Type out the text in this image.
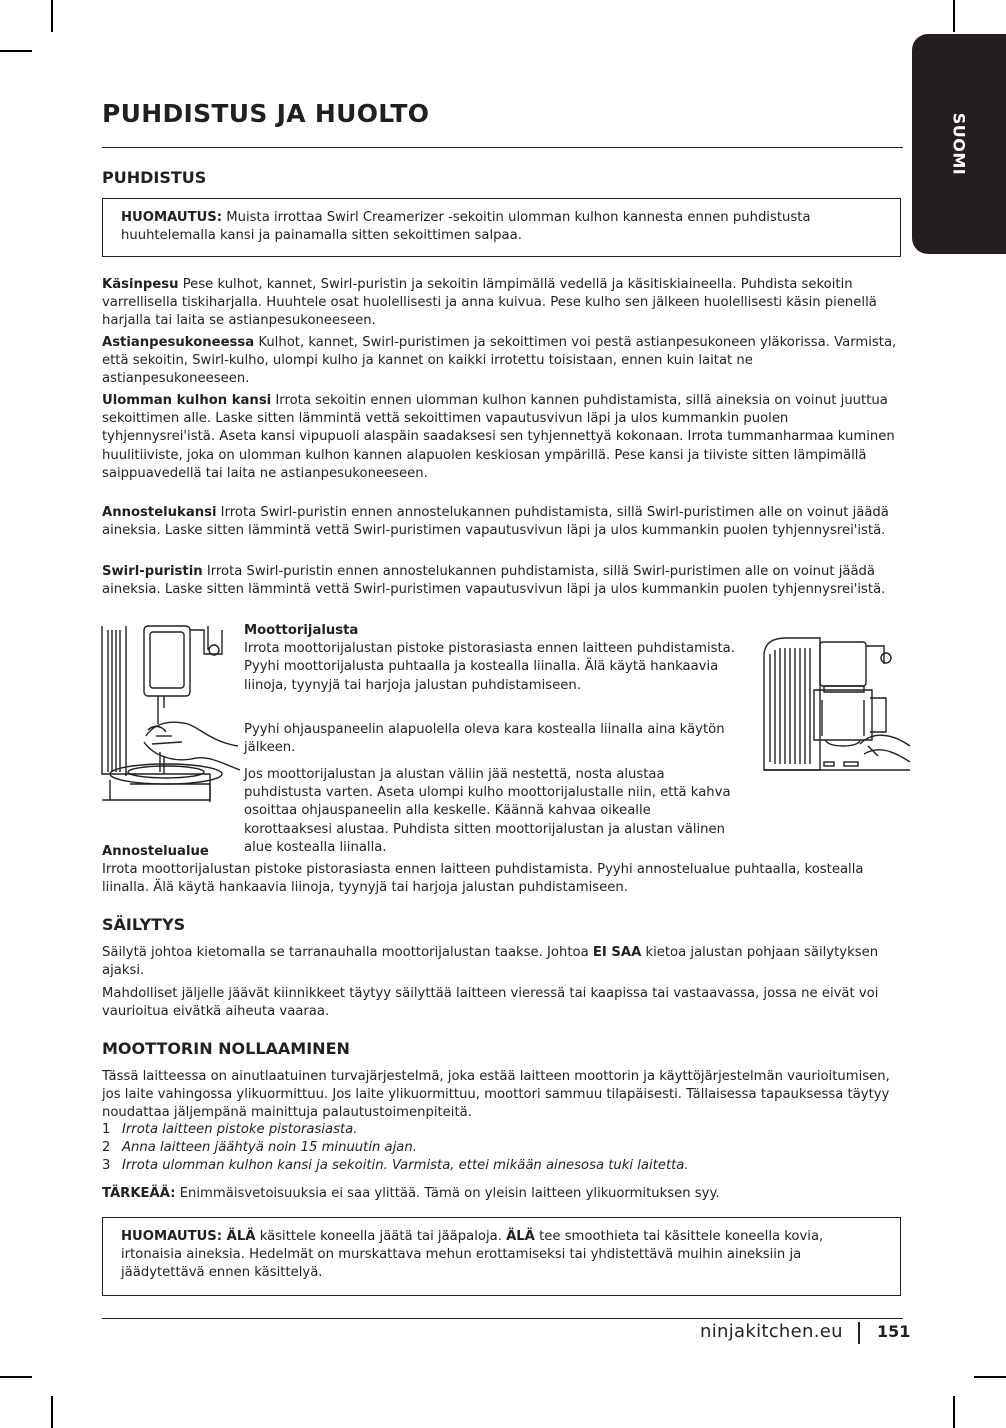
SUOMI
PUHDISTUS JA HUOLTO
PUHDISTUS
HUOMAUTUS: Muista irrottaa Swirl Creamerizer -sekoitin ulomman kulhon kannesta ennen puhdistusta huuhtelemalla kansi ja painamalla sitten sekoittimen salpaa.

Käsinpesu Pese kulhot, kannet, Swirl-puristin ja sekoitin lämpimällä vedellä ja käsitiskiaineella. Puhdista sekoitin varrellisella tiskiharjalla. Huuhtele osat huolellisesti ja anna kuivua. Pese kulho sen jälkeen huolellisesti käsin pienellä harjalla tai laita se astianpesukoneeseen.

Astianpesukoneessa Kulhot, kannet, Swirl-puristimen ja sekoittimen voi pestä astianpesukoneen yläkorissa. Varmista, että sekoitin, Swirl-kulho, ulompi kulho ja kannet on kaikki irrotettu toisistaan, ennen kuin laitat ne astianpesukoneeseen.

Ulomman kulhon kansi Irrota sekoitin ennen ulomman kulhon kannen puhdistamista, sillä aineksia on voinut juuttua sekoittimen alle. Laske sitten lämmintä vettä sekoittimen vapautusvivun läpi ja ulos kummankin puolen tyhjennysrei'istä. Aseta kansi vipupuoli alaspäin saadaksesi sen tyhjennettyä kokonaan. Irrota tummanharmaa kuminen huulitiiviste, joka on ulomman kulhon kannen alapuolen keskiosan ympärillä. Pese kansi ja tiiviste sitten lämpimällä saippuavedellä tai laita ne astianpesukoneeseen.

Annostelukansi Irrota Swirl-puristin ennen annostelukannen puhdistamista, sillä Swirl-puristimen alle on voinut jäädä aineksia. Laske sitten lämmintä vettä Swirl-puristimen vapautusvivun läpi ja ulos kummankin puolen tyhjennysrei'istä.

Swirl-puristin Irrota Swirl-puristin ennen annostelukannen puhdistamista, sillä Swirl-puristimen alle on voinut jäädä aineksia. Laske sitten lämmintä vettä Swirl-puristimen vapautusvivun läpi ja ulos kummankin puolen tyhjennysrei'istä.

Moottorijalusta
Irrota moottorijalustan pistoke pistorasiasta ennen laitteen puhdistamista. Pyyhi moottorijalusta puhtaalla ja kostealla liinalla. Älä käytä hankaavia liinoja, tyynyjä tai harjoja jalustan puhdistamiseen.

Pyyhi ohjauspaneelin alapuolella oleva kara kostealla liinalla aina käytön jälkeen.

Jos moottorijalustan ja alustan väliin jää nestettä, nosta alustaa puhdistusta varten. Aseta ulompi kulho moottorijalustalle niin, että kahva osoittaa ohjauspaneelin alla keskelle. Käännä kahvaa oikealle korottaaksesi alustaa. Puhdista sitten moottorijalustan ja alustan välinen alue kostealla liinalla.

Annostelualue
Irrota moottorijalustan pistoke pistorasiasta ennen laitteen puhdistamista. Pyyhi annostelualue puhtaalla, kostealla liinalla. Älä käytä hankaavia liinoja, tyynyjä tai harjoja jalustan puhdistamiseen.
SÄILYTYS

Säilytä johtoa kietomalla se tarranauhalla moottorijalustan taakse. Johtoa EI SAA kietoa jalustan pohjaan säilytyksen ajaksi.

Mahdolliset jäljelle jäävät kiinnikkeet täytyy säilyttää laitteen vieressä tai kaapissa tai vastaavassa, jossa ne eivät voi vaurioitua eivätkä aiheuta vaaraa.

MOOTTORIN NOLLAAMINEN

Tässä laitteessa on ainutlaatuinen turvajärjestelmä, joka estää laitteen moottorin ja käyttöjärjestelmän vaurioitumisen, jos laite vahingossa ylikuormittuu. Jos laite ylikuormittuu, moottori sammuu tilapäisesti. Tällaisessa tapauksessa täytyy noudattaa jäljempänä mainittuja palautustoimenpiteitä.

1 Irrota laitteen pistoke pistorasiasta.
2 Anna laitteen jäähtyä noin 15 minuutin ajan.
3 Irrota ulomman kulhon kansi ja sekoitin. Varmista, ettei mikään ainesosa tuki laitetta.

TÄRKEÄÄ: Enimmäisvetoisuuksia ei saa ylittää. Tämä on yleisin laitteen ylikuormituksen syy.

HUOMAUTUS: ÄLÄ käsittele koneella jäätä tai jääpaloja. ÄLÄ tee smoothieta tai käsittele koneella kovia, irtonaisia aineksia. Hedelmät on murskattava mehun erottamiseksi tai yhdistettävä muihin aineksiin ja jäädytettävä ennen käsittelyä.
ninjakitchen.eu 151
